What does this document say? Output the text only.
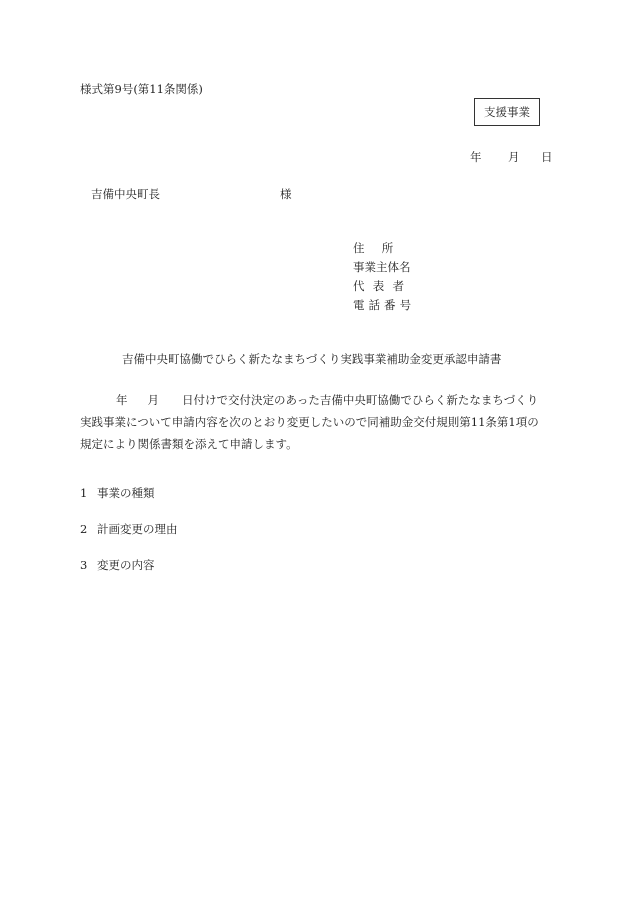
様式第9号(第11条関係)
支援事業
年 月 日
吉備中央町長	様
住所
事業主体名
代表者
電話番号
吉備中央町協働でひらく新たなまちづくり実践事業補助金変更承認申請書
年 月 日付けで交付決定のあった吉備中央町協働でひらく新たなまちづくり
実践事業について申請内容を次のとおり変更したいので同補助金交付規則第11条第1項の
規定により関係書類を添えて申請します。
1 事業の種類
2 計画変更の理由
3 変更の内容
